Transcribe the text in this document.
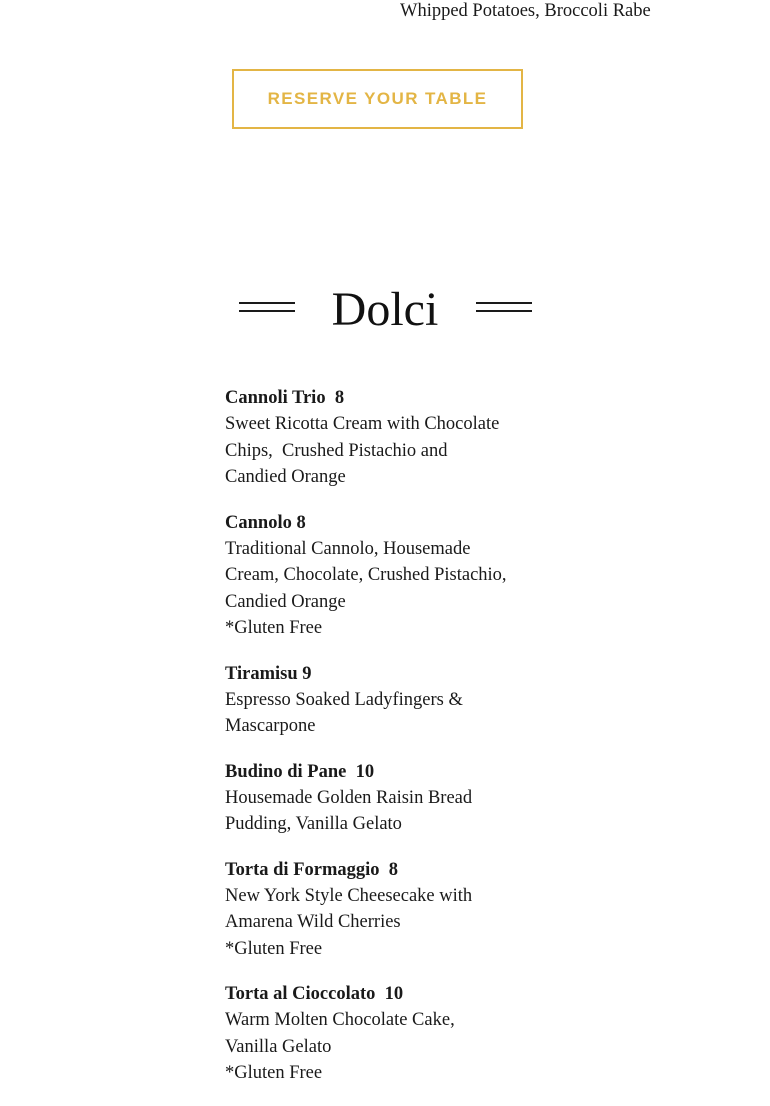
Whipped Potatoes, Broccoli Rabe
RESERVE YOUR TABLE
Dolci
Cannoli Trio  8
Sweet Ricotta Cream with Chocolate
Chips,  Crushed Pistachio and
Candied Orange
Cannolo 8
Traditional Cannolo, Housemade
Cream, Chocolate, Crushed Pistachio,
Candied Orange
*Gluten Free
Tiramisu 9
Espresso Soaked Ladyfingers &
Mascarpone
Budino di Pane  10
Housemade Golden Raisin Bread
Pudding, Vanilla Gelato
Torta di Formaggio  8
New York Style Cheesecake with
Amarena Wild Cherries
*Gluten Free
Torta al Cioccolato  10
Warm Molten Chocolate Cake,
Vanilla Gelato
*Gluten Free
